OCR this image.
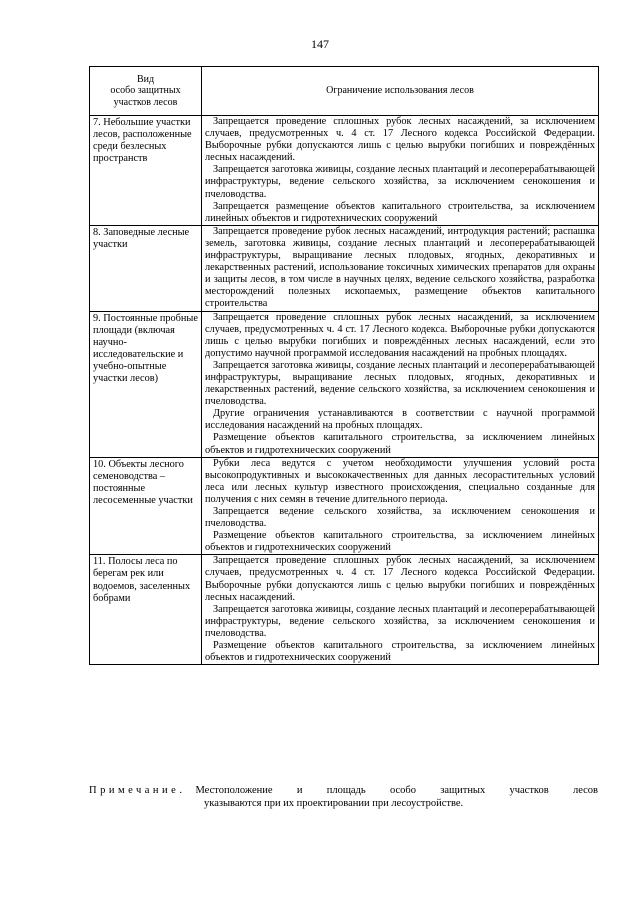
147
Вид
особо защитных
участков лесов	Ограничение использования лесов
7. Небольшие участки лесов, расположенные среди безлесных пространств	Запрещается проведение сплошных рубок лесных насаждений, за исключением случаев, предусмотренных ч. 4 ст. 17 Лесного кодекса Российской Федерации. Выборочные рубки допускаются лишь с целью вырубки погибших и повреждённых лесных насаждений.
Запрещается заготовка живицы, создание лесных плантаций и лесоперерабатывающей инфраструктуры, ведение сельского хозяйства, за исключением сенокошения и пчеловодства.
Запрещается размещение объектов капитального строительства, за исключением линейных объектов и гидротехнических сооружений

8. Заповедные лесные участки	Запрещается проведение рубок лесных насаждений, интродукция растений; распашка земель, заготовка живицы, создание лесных плантаций и лесоперерабатывающей инфраструктуры, выращивание лесных плодовых, ягодных, декоративных и лекарственных растений, использование токсичных химических препаратов для охраны и защиты лесов, в том числе в научных целях, ведение сельского хозяйства, разработка месторождений полезных ископаемых, размещение объектов капитального строительства

9. Постоянные пробные площади (включая научно-исследовательские и учебно-опытные участки лесов)	Запрещается проведение сплошных рубок лесных насаждений, за исключением случаев, предусмотренных ч. 4 ст. 17 Лесного кодекса. Выборочные рубки допускаются лишь с целью вырубки погибших и повреждённых лесных насаждений, если это допустимо научной программой исследования насаждений на пробных площадях.
Запрещается заготовка живицы, создание лесных плантаций и лесоперерабатывающей инфраструктуры, выращивание лесных плодовых, ягодных, декоративных и лекарственных растений, ведение сельского хозяйства, за исключением сенокошения и пчеловодства.
Другие ограничения устанавливаются в соответствии с научной программой исследования насаждений на пробных площадях.
Размещение объектов капитального строительства, за исключением линейных объектов и гидротехнических сооружений

10. Объекты лесного семеноводства – постоянные лесосеменные участки	Рубки леса ведутся с учетом необходимости улучшения условий роста высокопродуктивных и высококачественных для данных лесорастительных условий леса или лесных культур известного происхождения, специально созданные для получения с них семян в течение длительного периода.
Запрещается ведение сельского хозяйства, за исключением сенокошения и пчеловодства.
Размещение объектов капитального строительства, за исключением линейных объектов и гидротехнических сооружений

11. Полосы леса по берегам рек или водоемов, заселенных бобрами	Запрещается проведение сплошных рубок лесных насаждений, за исключением случаев, предусмотренных ч. 4 ст. 17 Лесного кодекса Российской Федерации. Выборочные рубки допускаются лишь с целью вырубки погибших и повреждённых лесных насаждений.
Запрещается заготовка живицы, создание лесных плантаций и лесоперерабатывающей инфраструктуры, ведение сельского хозяйства, за исключением сенокошения и пчеловодства.
Размещение объектов капитального строительства, за исключением линейных объектов и гидротехнических сооружений
Примечание. Местоположение и площадь особо защитных участков лесов
указываются при их проектировании при лесоустройстве.
